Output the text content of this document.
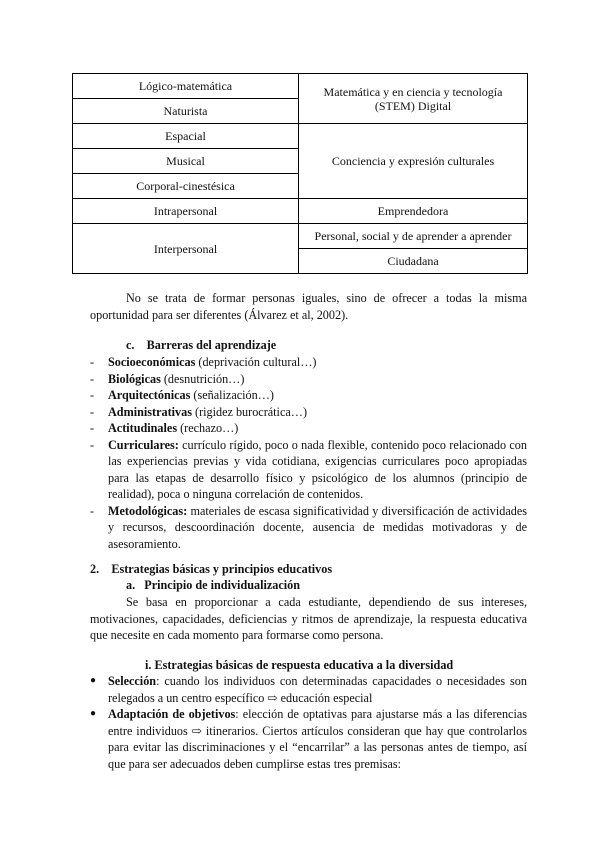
Lógico-matemática	Matemática y en ciencia y tecnología (STEM) Digital
Naturista	
Espacial	Conciencia y expresión culturales
Musical	
Corporal-cinestésica	
Intrapersonal	Emprendedora
Interpersonal	Personal, social y de aprender a aprender
	Ciudadana

No se trata de formar personas iguales, sino de ofrecer a todas la misma oportunidad para ser diferentes (Álvarez et al, 2002).

c.    Barreras del aprendizaje
- Socioeconómicas (deprivación cultural…)
- Biológicas (desnutrición…)
- Arquitectónicas (señalización…)
- Administrativas (rigidez burocrática…)
- Actitudinales (rechazo…)
- Curriculares: currículo rígido, poco o nada flexible, contenido poco relacionado con las experiencias previas y vida cotidiana, exigencias curriculares poco apropiadas para las etapas de desarrollo físico y psicológico de los alumnos (principio de realidad), poca o ninguna correlación de contenidos.
- Metodológicas: materiales de escasa significatividad y diversificación de actividades y recursos, descoordinación docente, ausencia de medidas motivadoras y de asesoramiento.
2.    Estrategias básicas y principios educativos
a.   Principio de individualización

Se basa en proporcionar a cada estudiante, dependiendo de sus intereses, motivaciones, capacidades, deficiencias y ritmos de aprendizaje, la respuesta educativa que necesite en cada momento para formarse como persona.

i. Estrategias básicas de respuesta educativa a la diversidad
● Selección: cuando los individuos con determinadas capacidades o necesidades son relegados a un centro específico ⇨ educación especial
● Adaptación de objetivos: elección de optativas para ajustarse más a las diferencias entre individuos ⇨ itinerarios. Ciertos artículos consideran que hay que controlarlos para evitar las discriminaciones y el “encarrilar” a las personas antes de tiempo, así que para ser adecuados deben cumplirse estas tres premisas:
